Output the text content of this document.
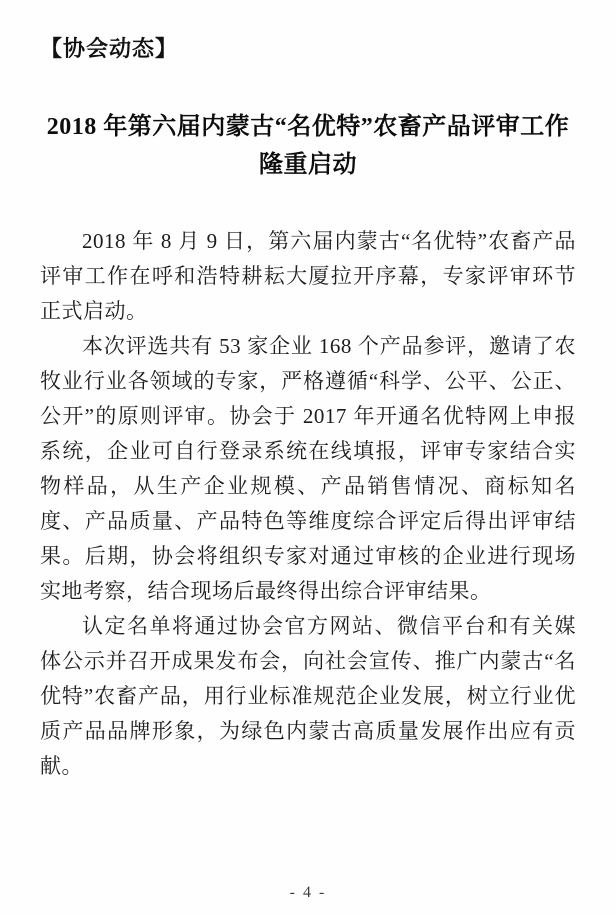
【协会动态】
2018 年第六届内蒙古“名优特”农畜产品评审工作
隆重启动

2018 年 8 月 9 日，第六届内蒙古“名优特”农畜产品评审工作在呼和浩特耕耘大厦拉开序幕，专家评审环节正式启动。

本次评选共有 53 家企业 168 个产品参评，邀请了农牧业行业各领域的专家，严格遵循“科学、公平、公正、公开”的原则评审。协会于 2017 年开通名优特网上申报系统，企业可自行登录系统在线填报，评审专家结合实物样品，从生产企业规模、产品销售情况、商标知名度、产品质量、产品特色等维度综合评定后得出评审结果。后期，协会将组织专家对通过审核的企业进行现场实地考察，结合现场后最终得出综合评审结果。

认定名单将通过协会官方网站、微信平台和有关媒体公示并召开成果发布会，向社会宣传、推广内蒙古“名优特”农畜产品，用行业标准规范企业发展，树立行业优质产品品牌形象，为绿色内蒙古高质量发展作出应有贡献。

- 4 -
